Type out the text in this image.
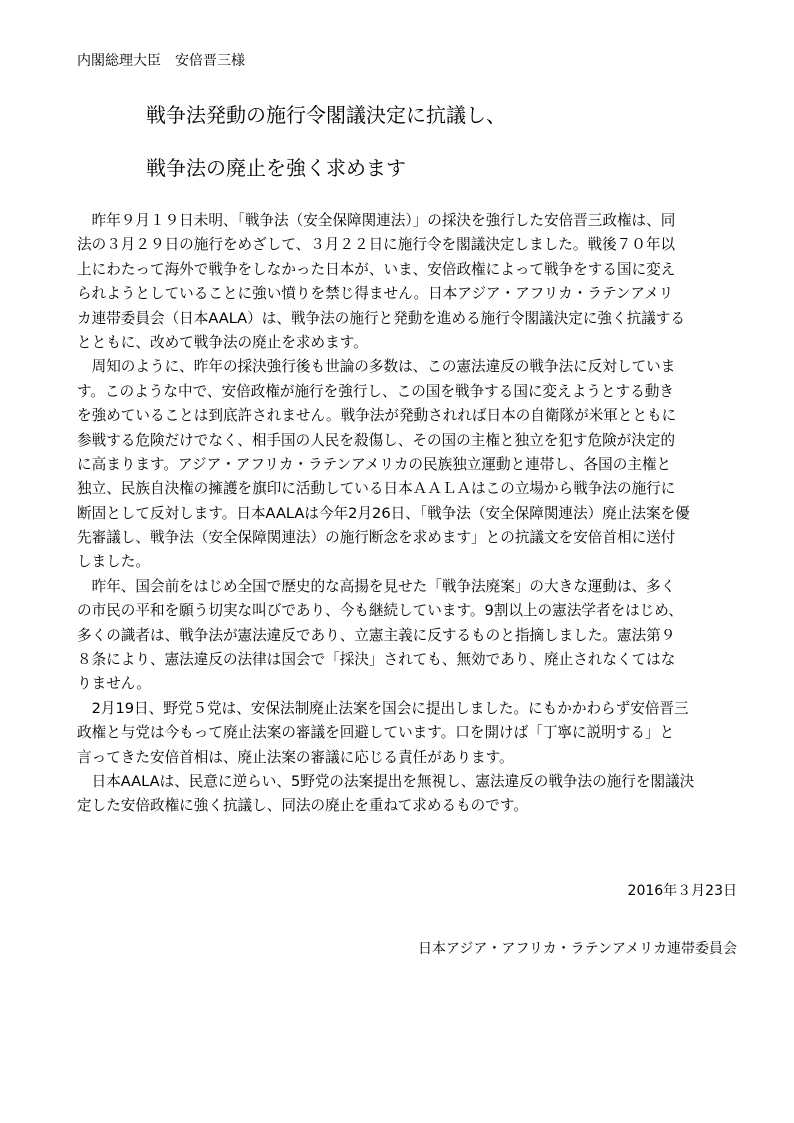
内閣総理大臣　安倍晋三様
戦争法発動の施行令閣議決定に抗議し、
戦争法の廃止を強く求めます
　昨年９月１９日未明、「戦争法（安全保障関連法）」の採決を強行した安倍晋三政権は、同
法の３月２９日の施行をめざして、３月２２日に施行令を閣議決定しました。戦後７０年以
上にわたって海外で戦争をしなかった日本が、いま、安倍政権によって戦争をする国に変え
られようとしていることに強い憤りを禁じ得ません。日本アジア・アフリカ・ラテンアメリ
カ連帯委員会（日本AALA）は、戦争法の施行と発動を進める施行令閣議決定に強く抗議する
とともに、改めて戦争法の廃止を求めます。
　周知のように、昨年の採決強行後も世論の多数は、この憲法違反の戦争法に反対していま
す。このような中で、安倍政権が施行を強行し、この国を戦争する国に変えようとする動き
を強めていることは到底許されません。戦争法が発動されれば日本の自衛隊が米軍とともに
参戦する危険だけでなく、相手国の人民を殺傷し、その国の主権と独立を犯す危険が決定的
に高まります。アジア・アフリカ・ラテンアメリカの民族独立運動と連帯し、各国の主権と
独立、民族自決権の擁護を旗印に活動している日本ＡＡＬＡはこの立場から戦争法の施行に
断固として反対します。日本AALAは今年2月26日、「戦争法（安全保障関連法）廃止法案を優
先審議し、戦争法（安全保障関連法）の施行断念を求めます」との抗議文を安倍首相に送付
しました。
　昨年、国会前をはじめ全国で歴史的な高揚を見せた「戦争法廃案」の大きな運動は、多く
の市民の平和を願う切実な叫びであり、今も継続しています。9割以上の憲法学者をはじめ、
多くの識者は、戦争法が憲法違反であり、立憲主義に反するものと指摘しました。憲法第９
８条により、憲法違反の法律は国会で「採決」されても、無効であり、廃止されなくてはな
りません。
　2月19日、野党５党は、安保法制廃止法案を国会に提出しました。にもかかわらず安倍晋三
政権と与党は今もって廃止法案の審議を回避しています。口を開けば「丁寧に説明する」と
言ってきた安倍首相は、廃止法案の審議に応じる責任があります。
　日本AALAは、民意に逆らい、5野党の法案提出を無視し、憲法違反の戦争法の施行を閣議決
定した安倍政権に強く抗議し、同法の廃止を重ねて求めるものです。
2016年３月23日
日本アジア・アフリカ・ラテンアメリカ連帯委員会
